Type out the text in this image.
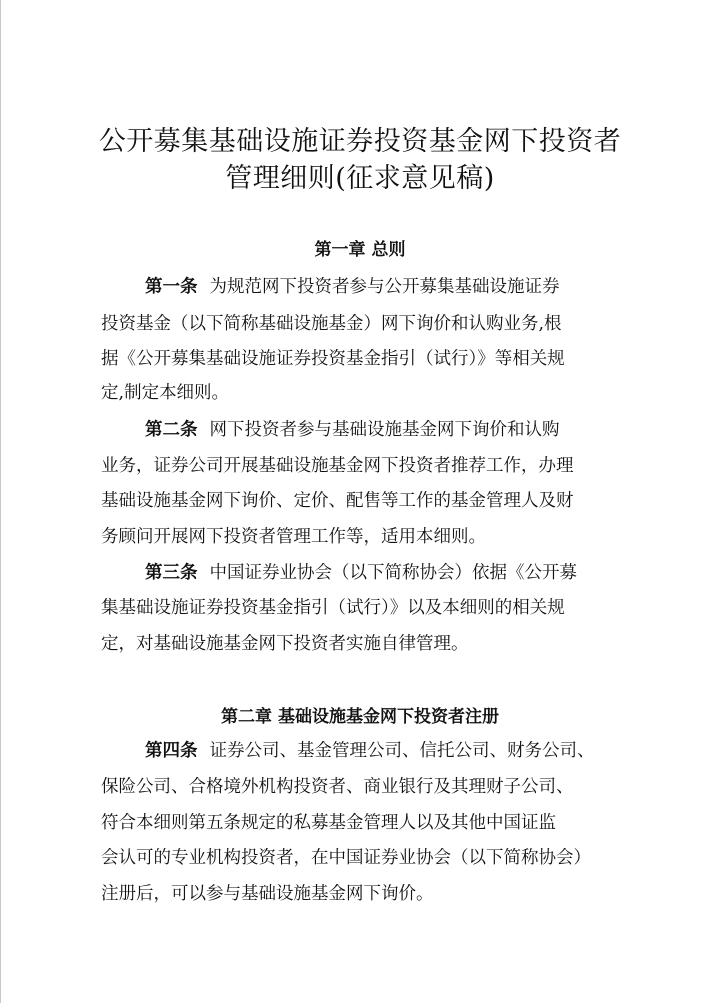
公开募集基础设施证券投资基金网下投资者
管理细则(征求意见稿)
第一章 总则
第一条 为规范网下投资者参与公开募集基础设施证券
投资基金（以下简称基础设施基金）网下询价和认购业务,根
据《公开募集基础设施证券投资基金指引（试行）》等相关规
定,制定本细则。
第二条 网下投资者参与基础设施基金网下询价和认购
业务，证券公司开展基础设施基金网下投资者推荐工作，办理
基础设施基金网下询价、定价、配售等工作的基金管理人及财
务顾问开展网下投资者管理工作等，适用本细则。
第三条 中国证券业协会（以下简称协会）依据《公开募
集基础设施证券投资基金指引（试行）》以及本细则的相关规
定，对基础设施基金网下投资者实施自律管理。
第二章 基础设施基金网下投资者注册
第四条 证券公司、基金管理公司、信托公司、财务公司、
保险公司、合格境外机构投资者、商业银行及其理财子公司、
符合本细则第五条规定的私募基金管理人以及其他中国证监
会认可的专业机构投资者，在中国证券业协会（以下简称协会）
注册后，可以参与基础设施基金网下询价。
